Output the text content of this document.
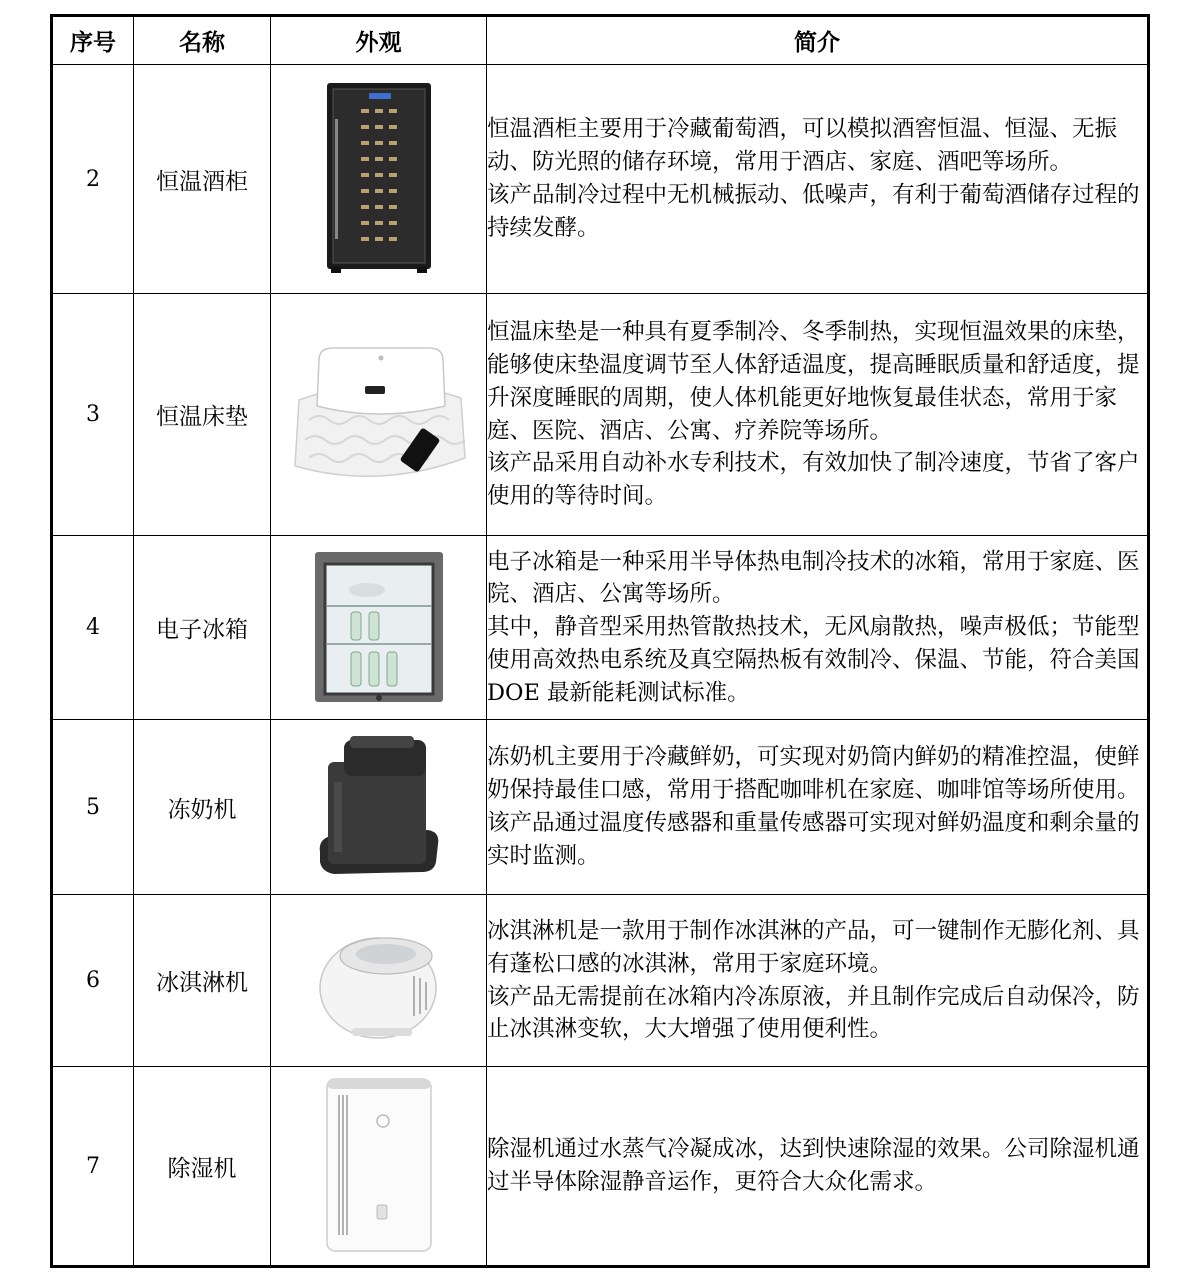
序号	名称	外观	简介
2	恒温酒柜		恒温酒柜主要用于冷藏葡萄酒，可以模拟酒窖恒温、恒湿、无振动、防光照的储存环境，常用于酒店、家庭、酒吧等场所。

该产品制冷过程中无机械振动、低噪声，有利于葡萄酒储存过程的持续发酵。

3	恒温床垫		恒温床垫是一种具有夏季制冷、冬季制热，实现恒温效果的床垫，能够使床垫温度调节至人体舒适温度，提高睡眠质量和舒适度，提升深度睡眠的周期，使人体机能更好地恢复最佳状态，常用于家庭、医院、酒店、公寓、疗养院等场所。

该产品采用自动补水专利技术，有效加快了制冷速度，节省了客户使用的等待时间。

4	电子冰箱		电子冰箱是一种采用半导体热电制冷技术的冰箱，常用于家庭、医院、酒店、公寓等场所。

其中，静音型采用热管散热技术，无风扇散热，噪声极低；节能型使用高效热电系统及真空隔热板有效制冷、保温、节能，符合美国 DOE 最新能耗测试标准。

5	冻奶机		冻奶机主要用于冷藏鲜奶，可实现对奶筒内鲜奶的精准控温，使鲜奶保持最佳口感，常用于搭配咖啡机在家庭、咖啡馆等场所使用。

该产品通过温度传感器和重量传感器可实现对鲜奶温度和剩余量的实时监测。

6	冰淇淋机		冰淇淋机是一款用于制作冰淇淋的产品，可一键制作无膨化剂、具有蓬松口感的冰淇淋，常用于家庭环境。

该产品无需提前在冰箱内冷冻原液，并且制作完成后自动保冷，防止冰淇淋变软，大大增强了使用便利性。

7	除湿机		除湿机通过水蒸气冷凝成冰，达到快速除湿的效果。公司除湿机通过半导体除湿静音运作，更符合大众化需求。
